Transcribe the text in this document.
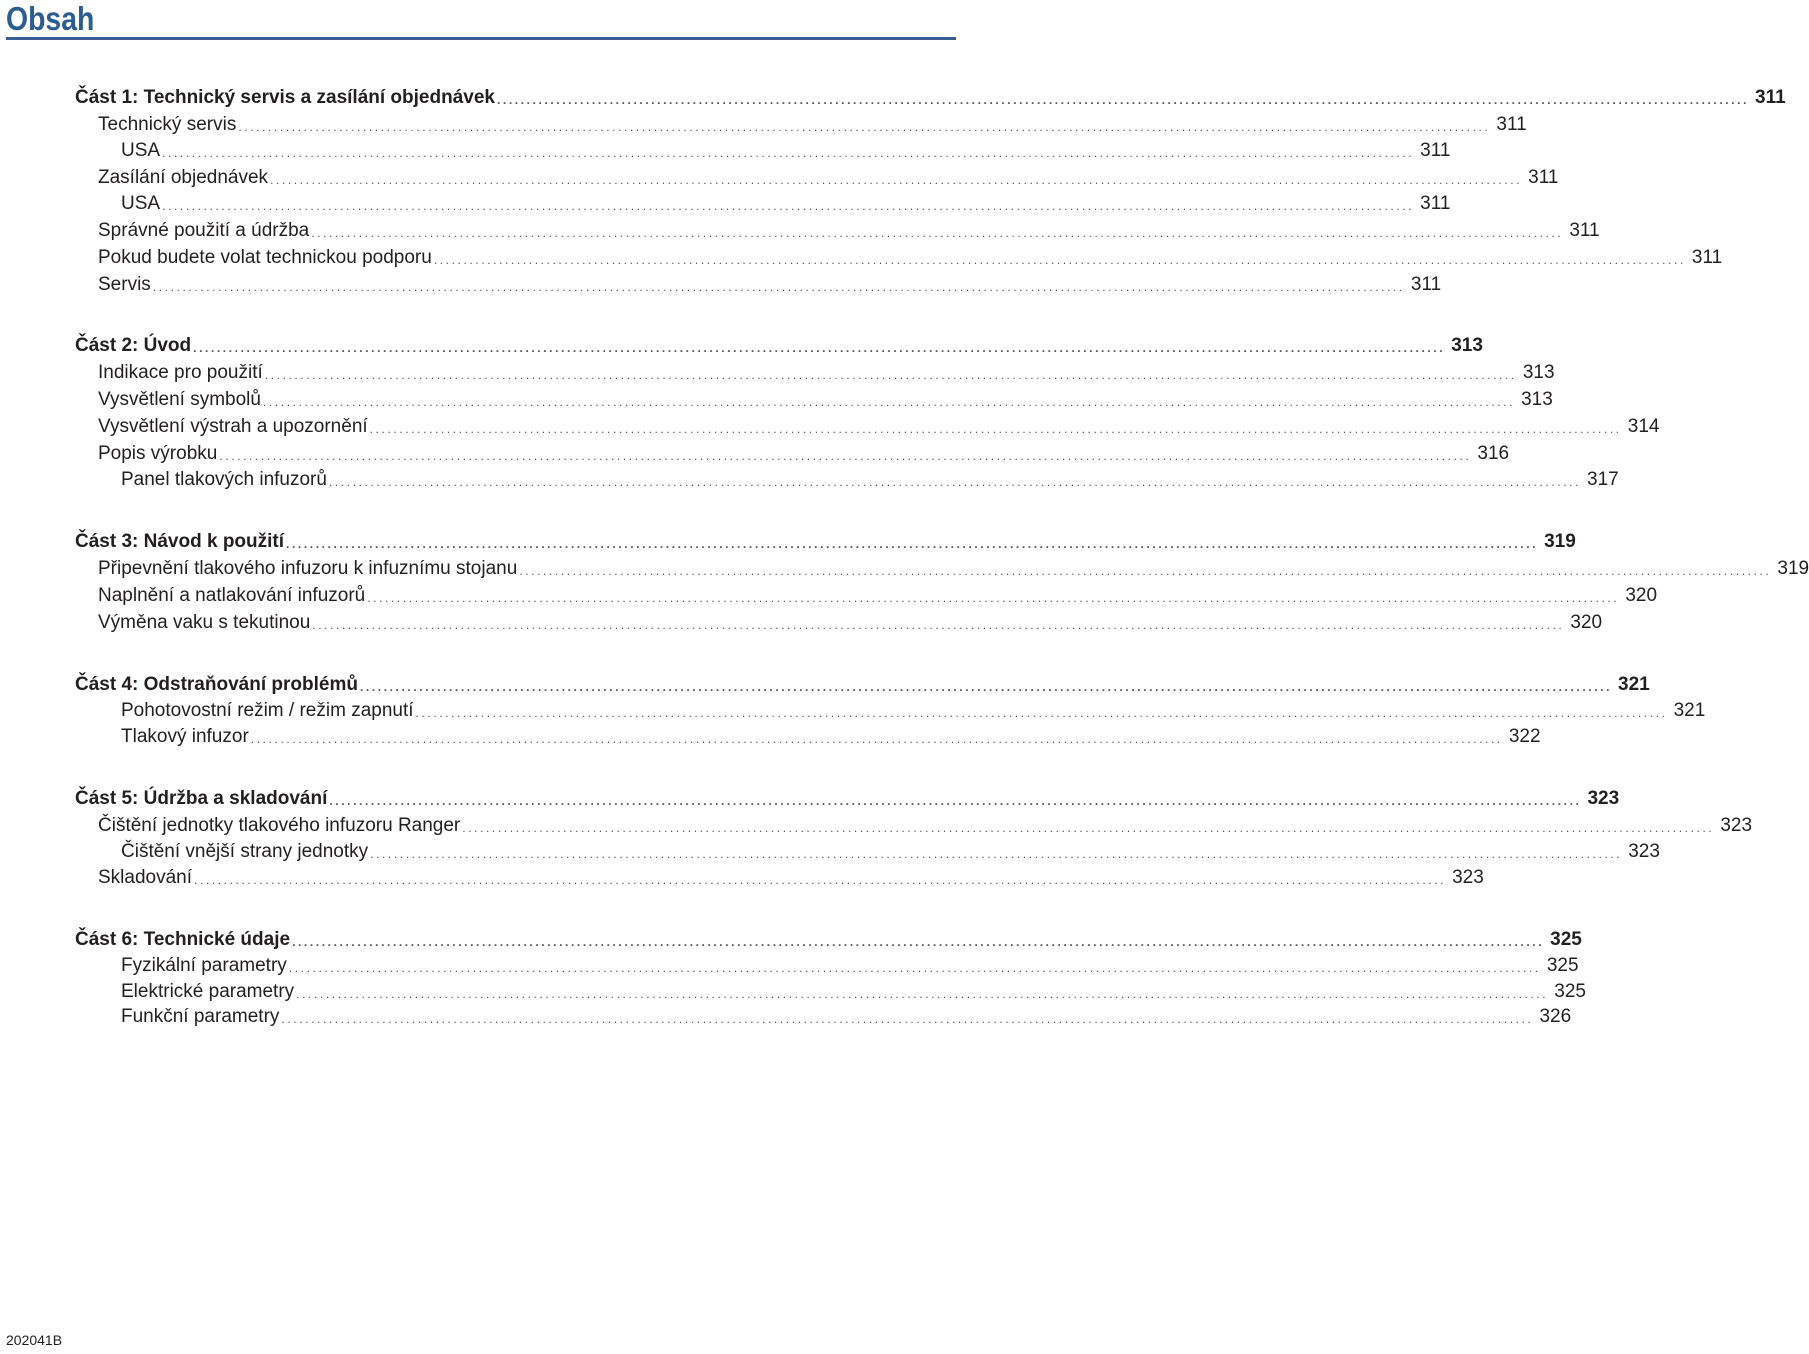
Obsah
Část 1: Technický servis a zasílání objednávek ................................................................................................................................................................................................................... 311
Technický servis ................................................................................................................................................................................................................... 311
USA ................................................................................................................................................................................................................... 311
Zasílání objednávek ................................................................................................................................................................................................................... 311
USA ................................................................................................................................................................................................................... 311
Správné použití a údržba ................................................................................................................................................................................................................... 311
Pokud budete volat technickou podporu ................................................................................................................................................................................................................... 311
Servis ................................................................................................................................................................................................................... 311
Část 2: Úvod ................................................................................................................................................................................................................... 313
Indikace pro použití ................................................................................................................................................................................................................... 313
Vysvětlení symbolů ................................................................................................................................................................................................................... 313
Vysvětlení výstrah a upozornění ................................................................................................................................................................................................................... 314
Popis výrobku ................................................................................................................................................................................................................... 316
Panel tlakových infuzorů ................................................................................................................................................................................................................... 317
Část 3: Návod k použití ................................................................................................................................................................................................................... 319
Připevnění tlakového infuzoru k infuznímu stojanu ................................................................................................................................................................................................................... 319
Naplnění a natlakování infuzorů ................................................................................................................................................................................................................... 320
Výměna vaku s tekutinou ................................................................................................................................................................................................................... 320
Část 4: Odstraňování problémů ................................................................................................................................................................................................................... 321
Pohotovostní režim / režim zapnutí ................................................................................................................................................................................................................... 321
Tlakový infuzor ................................................................................................................................................................................................................... 322
Část 5: Údržba a skladování ................................................................................................................................................................................................................... 323
Čištění jednotky tlakového infuzoru Ranger ................................................................................................................................................................................................................... 323
Čištění vnější strany jednotky ................................................................................................................................................................................................................... 323
Skladování ................................................................................................................................................................................................................... 323
Část 6: Technické údaje ................................................................................................................................................................................................................... 325
Fyzikální parametry ................................................................................................................................................................................................................... 325
Elektrické parametry ................................................................................................................................................................................................................... 325
Funkční parametry ................................................................................................................................................................................................................... 326
202041B
